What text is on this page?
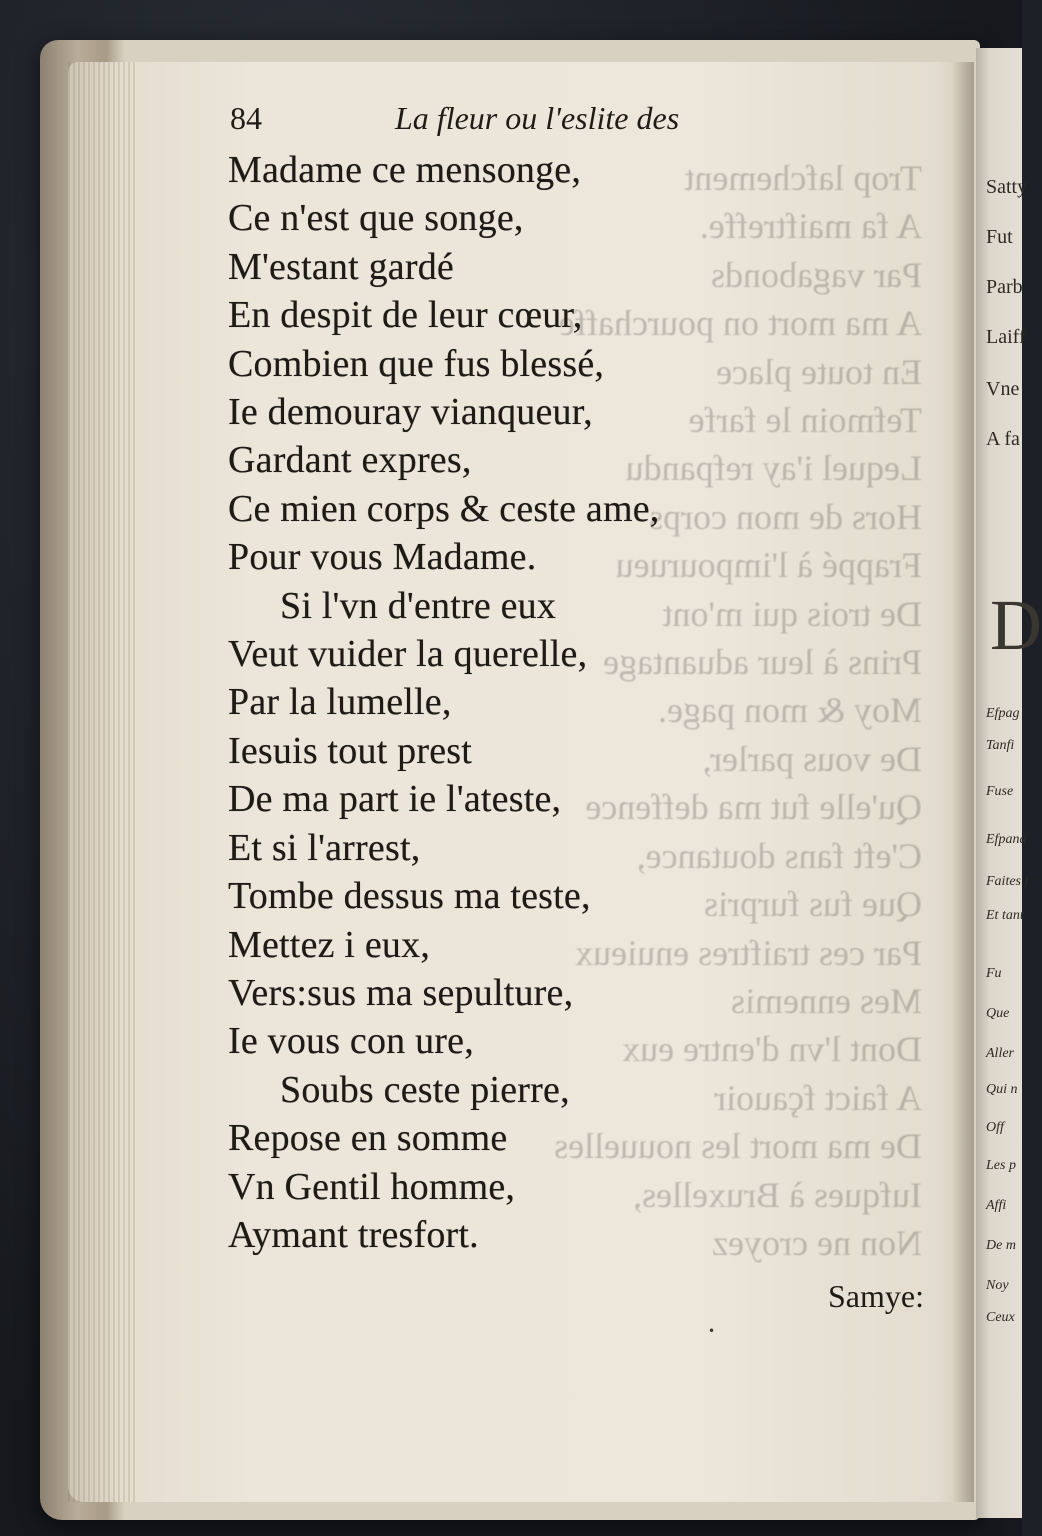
Trop lafchement
A fa maiftreffe.
Par vagabonds
A ma mort on pourchaffe
En toute place
Tefmoin le farfe
Lequel i'ay refpandu
Hors de mon corps
Frappé à l'impourueu
De trois qui m'ont
Prins à leur aduantage
Moy & mon page.
De vous parler,
Qu'elle fut ma deffence
C'eft fans doutance,
Que fus furpris
Par ces traiftres enuieux
Mes ennemis
Dont l'vn d'entre eux
A faict fçauoir
De ma mort les nouuelles
Iufques à Bruxelles,
Non ne croyez
84	La fleur ou l'eslite des
Madame ce mensonge,
Ce n'est que songe,
M'estant gardé
En despit de leur cœur,
Combien que fus blessé,
Ie demouray vianqueur,
Gardant expres,
Ce mien corps & ceste ame,
Pour vous Madame.
Si l'vn d'entre eux
Veut vuider la querelle,
Par la lumelle,
Iesuis tout prest
De ma part ie l'ateste,
Et si l'arrest,
Tombe dessus ma teste,
Mettez i eux,
Vers:sus ma sepulture,
Ie vous con ure,
Soubs ceste pierre,
Repose en somme
Vn Gentil homme,
Aymant tresfort.
Samye:
•
Satty
Fut
Parb
Laiff
Vne
A fa
D
Efpag
Tanfi
Fuse
Efpand
Faites f
Et tant
Fu
Que
Aller
Qui n
Off
Les p
Affi
De m
Noy
Ceux
